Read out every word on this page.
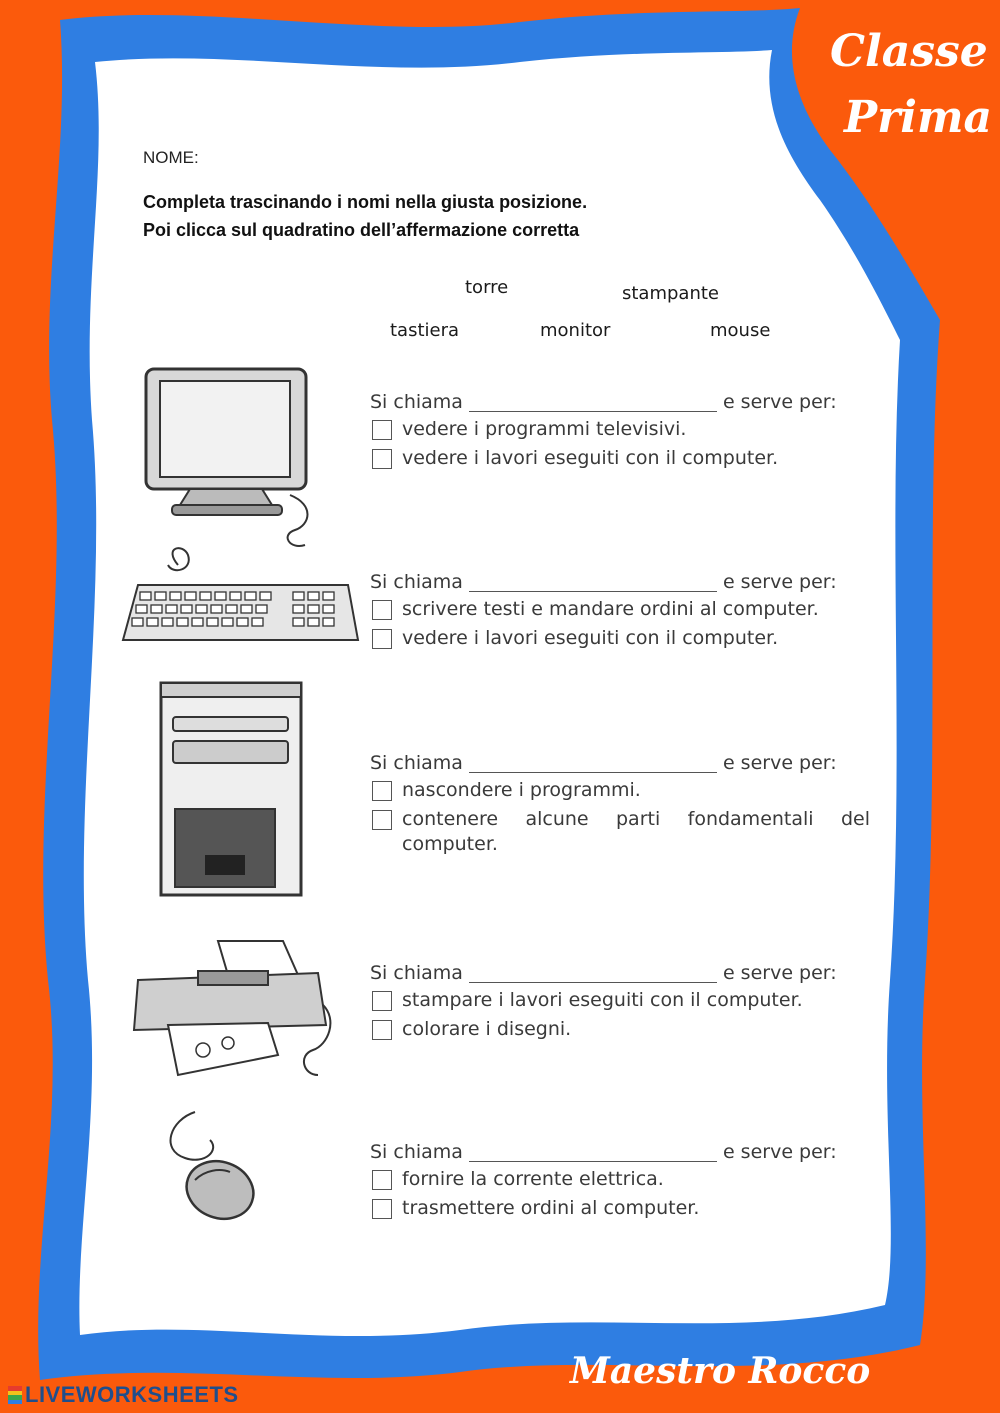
Classe
Prima
NOME:
Completa trascinando i nomi nella giusta posizione.
Poi clicca sul quadratino dell’affermazione corretta
torre	stampante
tastiera	monitor	mouse
Si chiama	e serve per:
vedere i programmi televisivi.
vedere i lavori eseguiti con il computer.
Si chiama	e serve per:
scrivere testi e mandare ordini al computer.
vedere i lavori eseguiti con il computer.
Si chiama	e serve per:
nascondere i programmi.
contenere alcune parti fondamentali del computer.
Si chiama	e serve per:
stampare i lavori eseguiti con il computer.
colorare i disegni.
Si chiama	e serve per:
fornire la corrente elettrica.
trasmettere ordini al computer.
Maestro Rocco
LIVEWORKSHEETS
